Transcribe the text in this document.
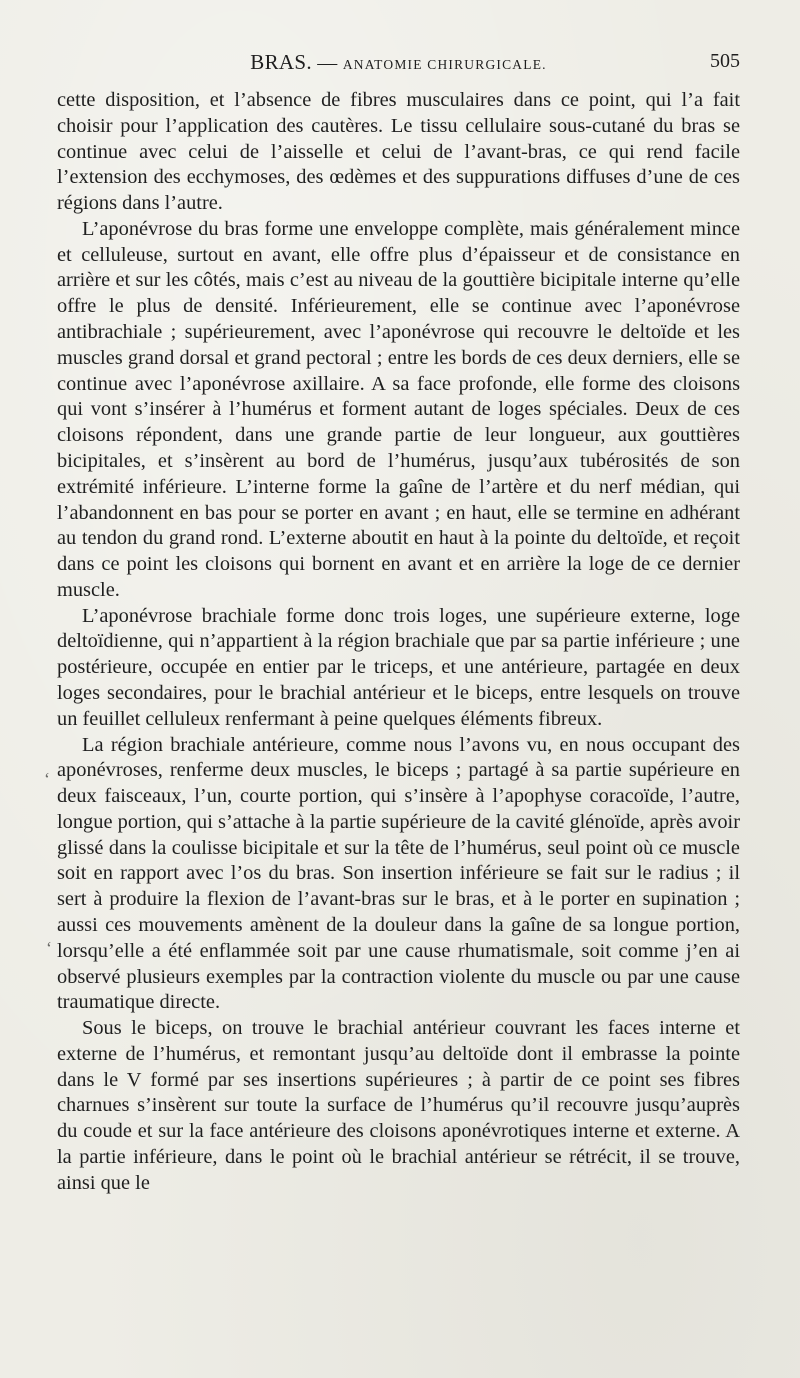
BRAS. — ANATOMIE CHIRURGICALE.	505

cette disposition, et l’absence de fibres musculaires dans ce point, qui l’a fait choisir pour l’application des cautères. Le tissu cellulaire sous-cutané du bras se continue avec celui de l’aisselle et celui de l’avant-bras, ce qui rend facile l’extension des ecchymoses, des œdèmes et des suppurations diffuses d’une de ces régions dans l’autre.

L’aponévrose du bras forme une enveloppe complète, mais généralement mince et celluleuse, surtout en avant, elle offre plus d’épaisseur et de consistance en arrière et sur les côtés, mais c’est au niveau de la gouttière bicipitale interne qu’elle offre le plus de densité. Inférieurement, elle se continue avec l’aponévrose antibrachiale ; supérieurement, avec l’aponévrose qui recouvre le deltoïde et les muscles grand dorsal et grand pectoral ; entre les bords de ces deux derniers, elle se continue avec l’aponévrose axillaire. A sa face profonde, elle forme des cloisons qui vont s’insérer à l’humérus et forment autant de loges spéciales. Deux de ces cloisons répondent, dans une grande partie de leur longueur, aux gouttières bicipitales, et s’insèrent au bord de l’humérus, jusqu’aux tubérosités de son extrémité inférieure. L’interne forme la gaîne de l’artère et du nerf médian, qui l’abandonnent en bas pour se porter en avant ; en haut, elle se termine en adhérant au tendon du grand rond. L’externe aboutit en haut à la pointe du deltoïde, et reçoit dans ce point les cloisons qui bornent en avant et en arrière la loge de ce dernier muscle.

L’aponévrose brachiale forme donc trois loges, une supérieure externe, loge deltoïdienne, qui n’appartient à la région brachiale que par sa partie inférieure ; une postérieure, occupée en entier par le triceps, et une antérieure, partagée en deux loges secondaires, pour le brachial antérieur et le biceps, entre lesquels on trouve un feuillet celluleux renfermant à peine quelques éléments fibreux.

La région brachiale antérieure, comme nous l’avons vu, en nous occupant des aponévroses, renferme deux muscles, le biceps ; partagé à sa partie supérieure en deux faisceaux, l’un, courte portion, qui s’insère à l’apophyse coracoïde, l’autre, longue portion, qui s’attache à la partie supérieure de la cavité glénoïde, après avoir glissé dans la coulisse bicipitale et sur la tête de l’humérus, seul point où ce muscle soit en rapport avec l’os du bras. Son insertion inférieure se fait sur le radius ; il sert à produire la flexion de l’avant-bras sur le bras, et à le porter en supination ; aussi ces mouvements amènent de la douleur dans la gaîne de sa longue portion, lorsqu’elle a été enflammée soit par une cause rhumatismale, soit comme j’en ai observé plusieurs exemples par la contraction violente du muscle ou par une cause traumatique directe.

Sous le biceps, on trouve le brachial antérieur couvrant les faces interne et externe de l’humérus, et remontant jusqu’au deltoïde dont il embrasse la pointe dans le V formé par ses insertions supérieures ; à partir de ce point ses fibres charnues s’insèrent sur toute la surface de l’humérus qu’il recouvre jusqu’auprès du coude et sur la face antérieure des cloisons aponévrotiques interne et externe. A la partie inférieure, dans le point où le brachial antérieur se rétrécit, il se trouve, ainsi que le

‘
‘
